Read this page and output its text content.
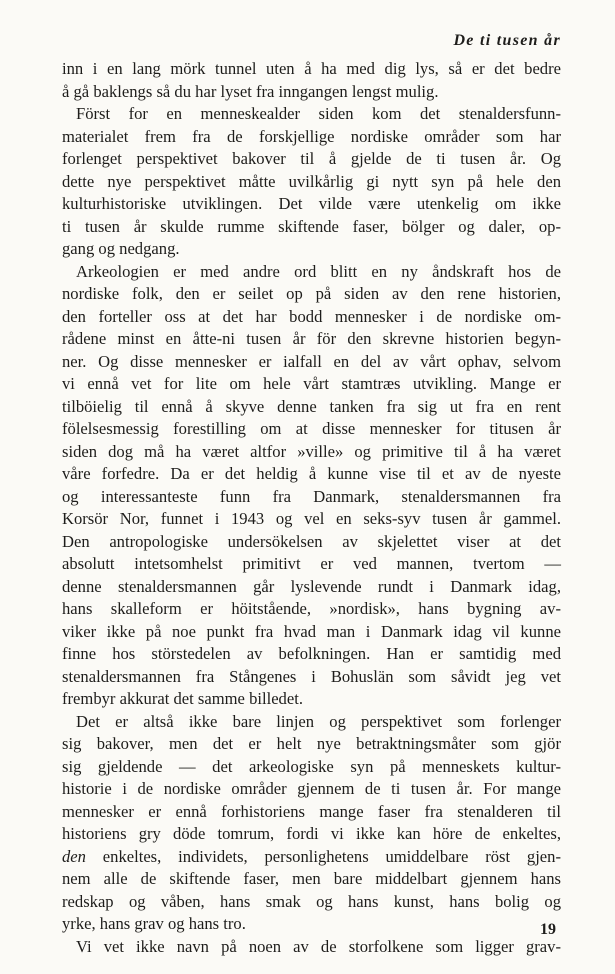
De ti tusen år
inn i en lang mörk tunnel uten å ha med dig lys, så er det bedre
å gå baklengs så du har lyset fra inngangen lengst mulig.
Först for en menneskealder siden kom det stenaldersfunn-
materialet frem fra de forskjellige nordiske områder som har
forlenget perspektivet bakover til å gjelde de ti tusen år. Og
dette nye perspektivet måtte uvilkårlig gi nytt syn på hele den
kulturhistoriske utviklingen. Det vilde være utenkelig om ikke
ti tusen år skulde rumme skiftende faser, bölger og daler, op-
gang og nedgang.
Arkeologien er med andre ord blitt en ny åndskraft hos de
nordiske folk, den er seilet op på siden av den rene historien,
den forteller oss at det har bodd mennesker i de nordiske om-
rådene minst en åtte-ni tusen år för den skrevne historien begyn-
ner. Og disse mennesker er ialfall en del av vårt ophav, selvom
vi ennå vet for lite om hele vårt stamtræs utvikling. Mange er
tilböielig til ennå å skyve denne tanken fra sig ut fra en rent
fölelsesmessig forestilling om at disse mennesker for titusen år
siden dog må ha været altfor »ville» og primitive til å ha været
våre forfedre. Da er det heldig å kunne vise til et av de nyeste
og interessanteste funn fra Danmark, stenaldersmannen fra
Korsör Nor, funnet i 1943 og vel en seks-syv tusen år gammel.
Den antropologiske undersökelsen av skjelettet viser at det
absolutt intetsomhelst primitivt er ved mannen, tvertom —
denne stenaldersmannen går lyslevende rundt i Danmark idag,
hans skalleform er höitstående, »nordisk», hans bygning av-
viker ikke på noe punkt fra hvad man i Danmark idag vil kunne
finne hos störstedelen av befolkningen. Han er samtidig med
stenaldersmannen fra Stångenes i Bohuslän som såvidt jeg vet
frembyr akkurat det samme billedet.
Det er altså ikke bare linjen og perspektivet som forlenger
sig bakover, men det er helt nye betraktningsmåter som gjör
sig gjeldende — det arkeologiske syn på menneskets kultur-
historie i de nordiske områder gjennem de ti tusen år. For mange
mennesker er ennå forhistoriens mange faser fra stenalderen til
historiens gry döde tomrum, fordi vi ikke kan höre de enkeltes,
den enkeltes, individets, personlighetens umiddelbare röst gjen-
nem alle de skiftende faser, men bare middelbart gjennem hans
redskap og våben, hans smak og hans kunst, hans bolig og
yrke, hans grav og hans tro.
Vi vet ikke navn på noen av de storfolkene som ligger grav-
19
